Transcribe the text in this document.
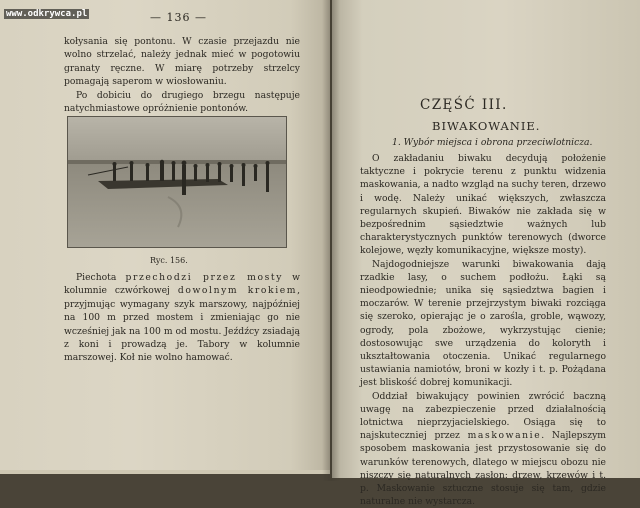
— 136 —

kołysania się pontonu. W czasie przejazdu nie wolno strzelać, należy jednak mieć w pogotowiu granaty ręczne. W miarę potrzeby strzelcy pomagają saperom w wiosłowaniu.

Po dobiciu do drugiego brzegu następuje natychmiastowe opróżnienie pontonów.

Ryc. 156.

Piechota przechodzi przez mosty w kolumnie czwórkowej dowolnym krokiem, przyjmując wymagany szyk marszowy, najpóźniej na 100 m przed mostem i zmieniając go nie wcześniej jak na 100 m od mostu. Jeźdźcy zsiadają z koni i prowadzą je. Tabory w kolumnie marszowej. Koł nie wolno hamować.

CZĘŚĆ III.
BIWAKOWANIE.
1. Wybór miejsca i obrona przeciwlotnicza.

O zakładaniu biwaku decydują położenie taktyczne i pokrycie terenu z punktu widzenia maskowania, a nadto wzgląd na suchy teren, drzewo i wodę. Należy unikać większych, zwłaszcza regularnych skupień. Biwaków nie zakłada się w bezpośrednim sąsiedztwie ważnych lub charakterystycznych punktów terenowych (dworce kolejowe, węzły komunikacyjne, większe mosty).

Najdogodniejsze warunki biwakowania dają rzadkie lasy, o suchem podłożu. Łąki są nieodpowiednie; unika się sąsiedztwa bagien i moczarów. W terenie przejrzystym biwaki rozciąga się szeroko, opierając je o zarośla, groble, wąwozy, ogrody, pola zbożowe, wykrzystując cienie; dostosowując swe urządzenia do koloryth i ukształtowania otoczenia. Unikać regularnego ustawiania namiotów, broni w kozły i t. p. Pożądana jest bliskość dobrej komunikacji.

Oddział biwakujący powinien zwrócić baczną uwagę na zabezpieczenie przed działalnością lotnictwa nieprzyjacielskiego. Osiąga się to najskuteczniej przez maskowanie. Najlepszym sposobem maskowania jest przystosowanie się do warunków terenowych, dlatego w miejscu obozu nie niszczy się naturalnych zasłon: drzew, krzewów i t. p. Maskowanie sztuczne stosuje się tam, gdzie naturalne nie wystarcza.

www.odkrywca.pl
